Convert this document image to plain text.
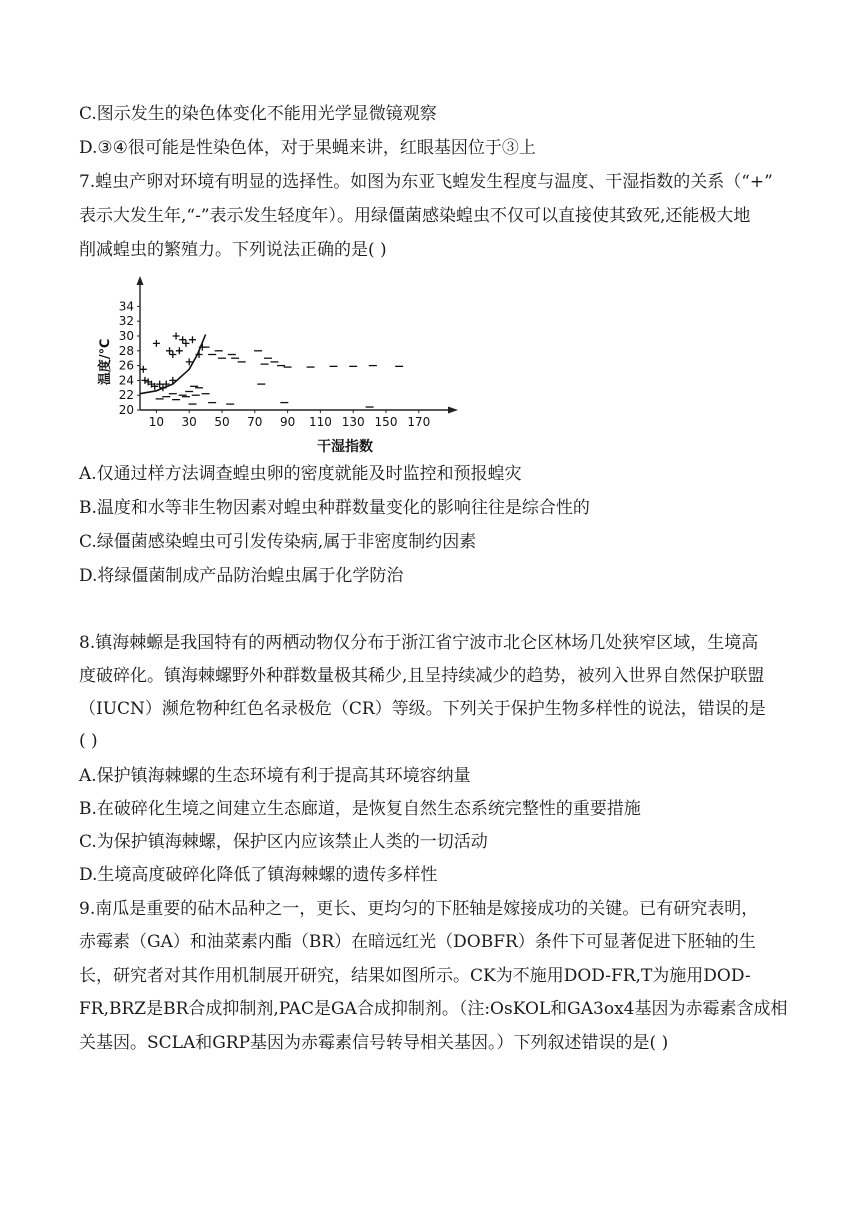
C.图示发生的染色体变化不能用光学显微镜观察
D.③④很可能是性染色体，对于果蝇来讲，红眼基因位于③上
7.蝗虫产卵对环境有明显的选择性。如图为东亚飞蝗发生程度与温度、干湿指数的关系（“+”
表示大发生年,“-”表示发生轻度年）。用绿僵菌感染蝗虫不仅可以直接使其致死,还能极大地
削减蝗虫的繁殖力。下列说法正确的是( )
A.仅通过样方法调查蝗虫卵的密度就能及时监控和预报蝗灾
B.温度和水等非生物因素对蝗虫种群数量变化的影响往往是综合性的
C.绿僵菌感染蝗虫可引发传染病,属于非密度制约因素
D.将绿僵菌制成产品防治蝗虫属于化学防治
8.镇海棘螈是我国特有的两栖动物仅分布于浙江省宁波市北仑区林场几处狭窄区域，生境高
度破碎化。镇海棘螺野外种群数量极其稀少,且呈持续减少的趋势，被列入世界自然保护联盟
（IUCN）濒危物种红色名录极危（CR）等级。下列关于保护生物多样性的说法，错误的是
( )
A.保护镇海棘螺的生态环境有利于提高其环境容纳量
B.在破碎化生境之间建立生态廊道，是恢复自然生态系统完整性的重要措施
C.为保护镇海棘螺，保护区内应该禁止人类的一切活动
D.生境高度破碎化降低了镇海棘螺的遗传多样性
9.南瓜是重要的砧木品种之一，更长、更均匀的下胚轴是嫁接成功的关键。已有研究表明，
赤霉素（GA）和油菜素内酯（BR）在暗远红光（DOBFR）条件下可显著促进下胚轴的生
长，研究者对其作用机制展开研究，结果如图所示。CK为不施用DOD-FR,T为施用DOD-
FR,BRZ是BR合成抑制剂,PAC是GA合成抑制剂。（注:OsKOL和GA3ox4基因为赤霉素含成相
关基因。SCLA和GRP基因为赤霉素信号转导相关基因。）下列叙述错误的是( )
10 30 50 70 90 110 130 150 170
20
22
24
26
28
30
32
34
干湿指数
温度/℃
